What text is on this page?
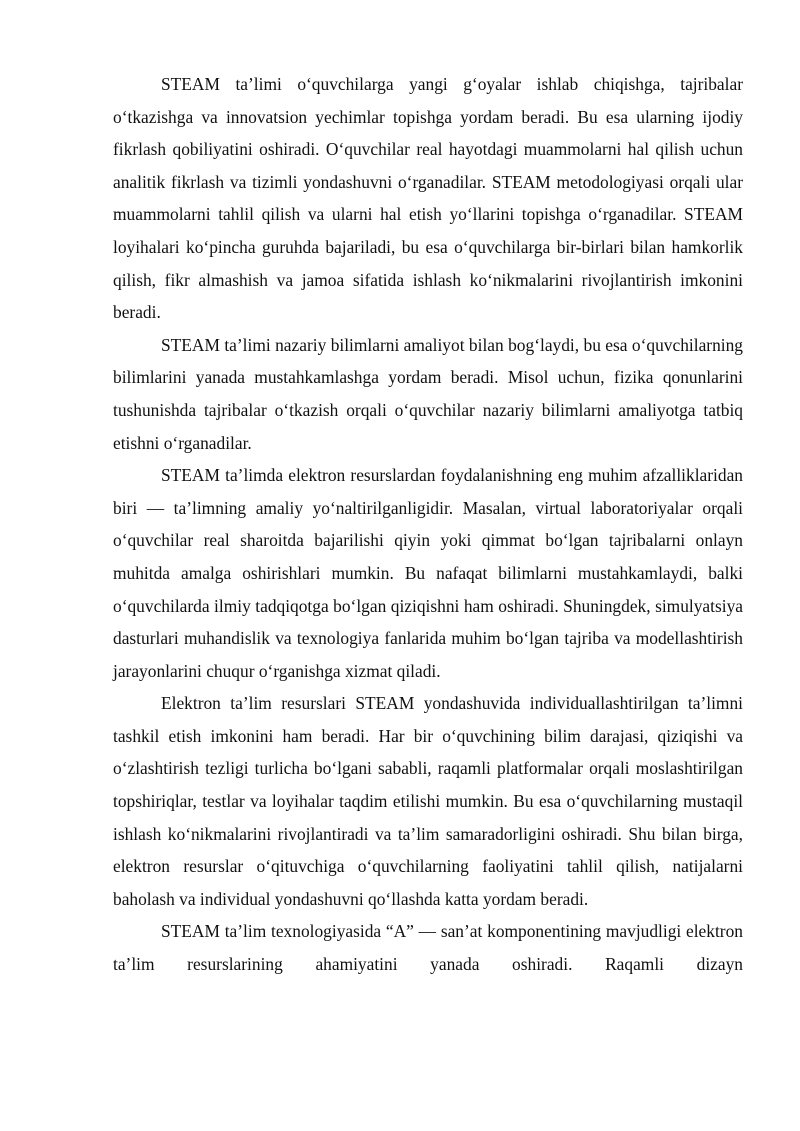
STEAM ta’limi o‘quvchilarga yangi g‘oyalar ishlab chiqishga, tajribalar o‘tkazishga va innovatsion yechimlar topishga yordam beradi. Bu esa ularning ijodiy fikrlash qobiliyatini oshiradi. O‘quvchilar real hayotdagi muammolarni hal qilish uchun analitik fikrlash va tizimli yondashuvni o‘rganadilar. STEAM metodologiyasi orqali ular muammolarni tahlil qilish va ularni hal etish yo‘llarini topishga o‘rganadilar. STEAM loyihalari ko‘pincha guruhda bajariladi, bu esa o‘quvchilarga bir-birlari bilan hamkorlik qilish, fikr almashish va jamoa sifatida ishlash ko‘nikmalarini rivojlantirish imkonini beradi.

STEAM ta’limi nazariy bilimlarni amaliyot bilan bog‘laydi, bu esa o‘quvchilarning bilimlarini yanada mustahkamlashga yordam beradi. Misol uchun, fizika qonunlarini tushunishda tajribalar o‘tkazish orqali o‘quvchilar nazariy bilimlarni amaliyotga tatbiq etishni o‘rganadilar.

STEAM ta’limda elektron resurslardan foydalanishning eng muhim afzalliklaridan biri — ta’limning amaliy yo‘naltirilganligidir. Masalan, virtual laboratoriyalar orqali o‘quvchilar real sharoitda bajarilishi qiyin yoki qimmat bo‘lgan tajribalarni onlayn muhitda amalga oshirishlari mumkin. Bu nafaqat bilimlarni mustahkamlaydi, balki o‘quvchilarda ilmiy tadqiqotga bo‘lgan qiziqishni ham oshiradi. Shuningdek, simulyatsiya dasturlari muhandislik va texnologiya fanlarida muhim bo‘lgan tajriba va modellashtirish jarayonlarini chuqur o‘rganishga xizmat qiladi.

Elektron ta’lim resurslari STEAM yondashuvida individuallashtirilgan ta’limni tashkil etish imkonini ham beradi. Har bir o‘quvchining bilim darajasi, qiziqishi va o‘zlashtirish tezligi turlicha bo‘lgani sababli, raqamli platformalar orqali moslashtirilgan topshiriqlar, testlar va loyihalar taqdim etilishi mumkin. Bu esa o‘quvchilarning mustaqil ishlash ko‘nikmalarini rivojlantiradi va ta’lim samaradorligini oshiradi. Shu bilan birga, elektron resurslar o‘qituvchiga o‘quvchilarning faoliyatini tahlil qilish, natijalarni baholash va individual yondashuvni qo‘llashda katta yordam beradi.

STEAM ta’lim texnologiyasida “A” — san’at komponentining mavjudligi elektron ta’lim resurslarining ahamiyatini yanada oshiradi. Raqamli dizayn
